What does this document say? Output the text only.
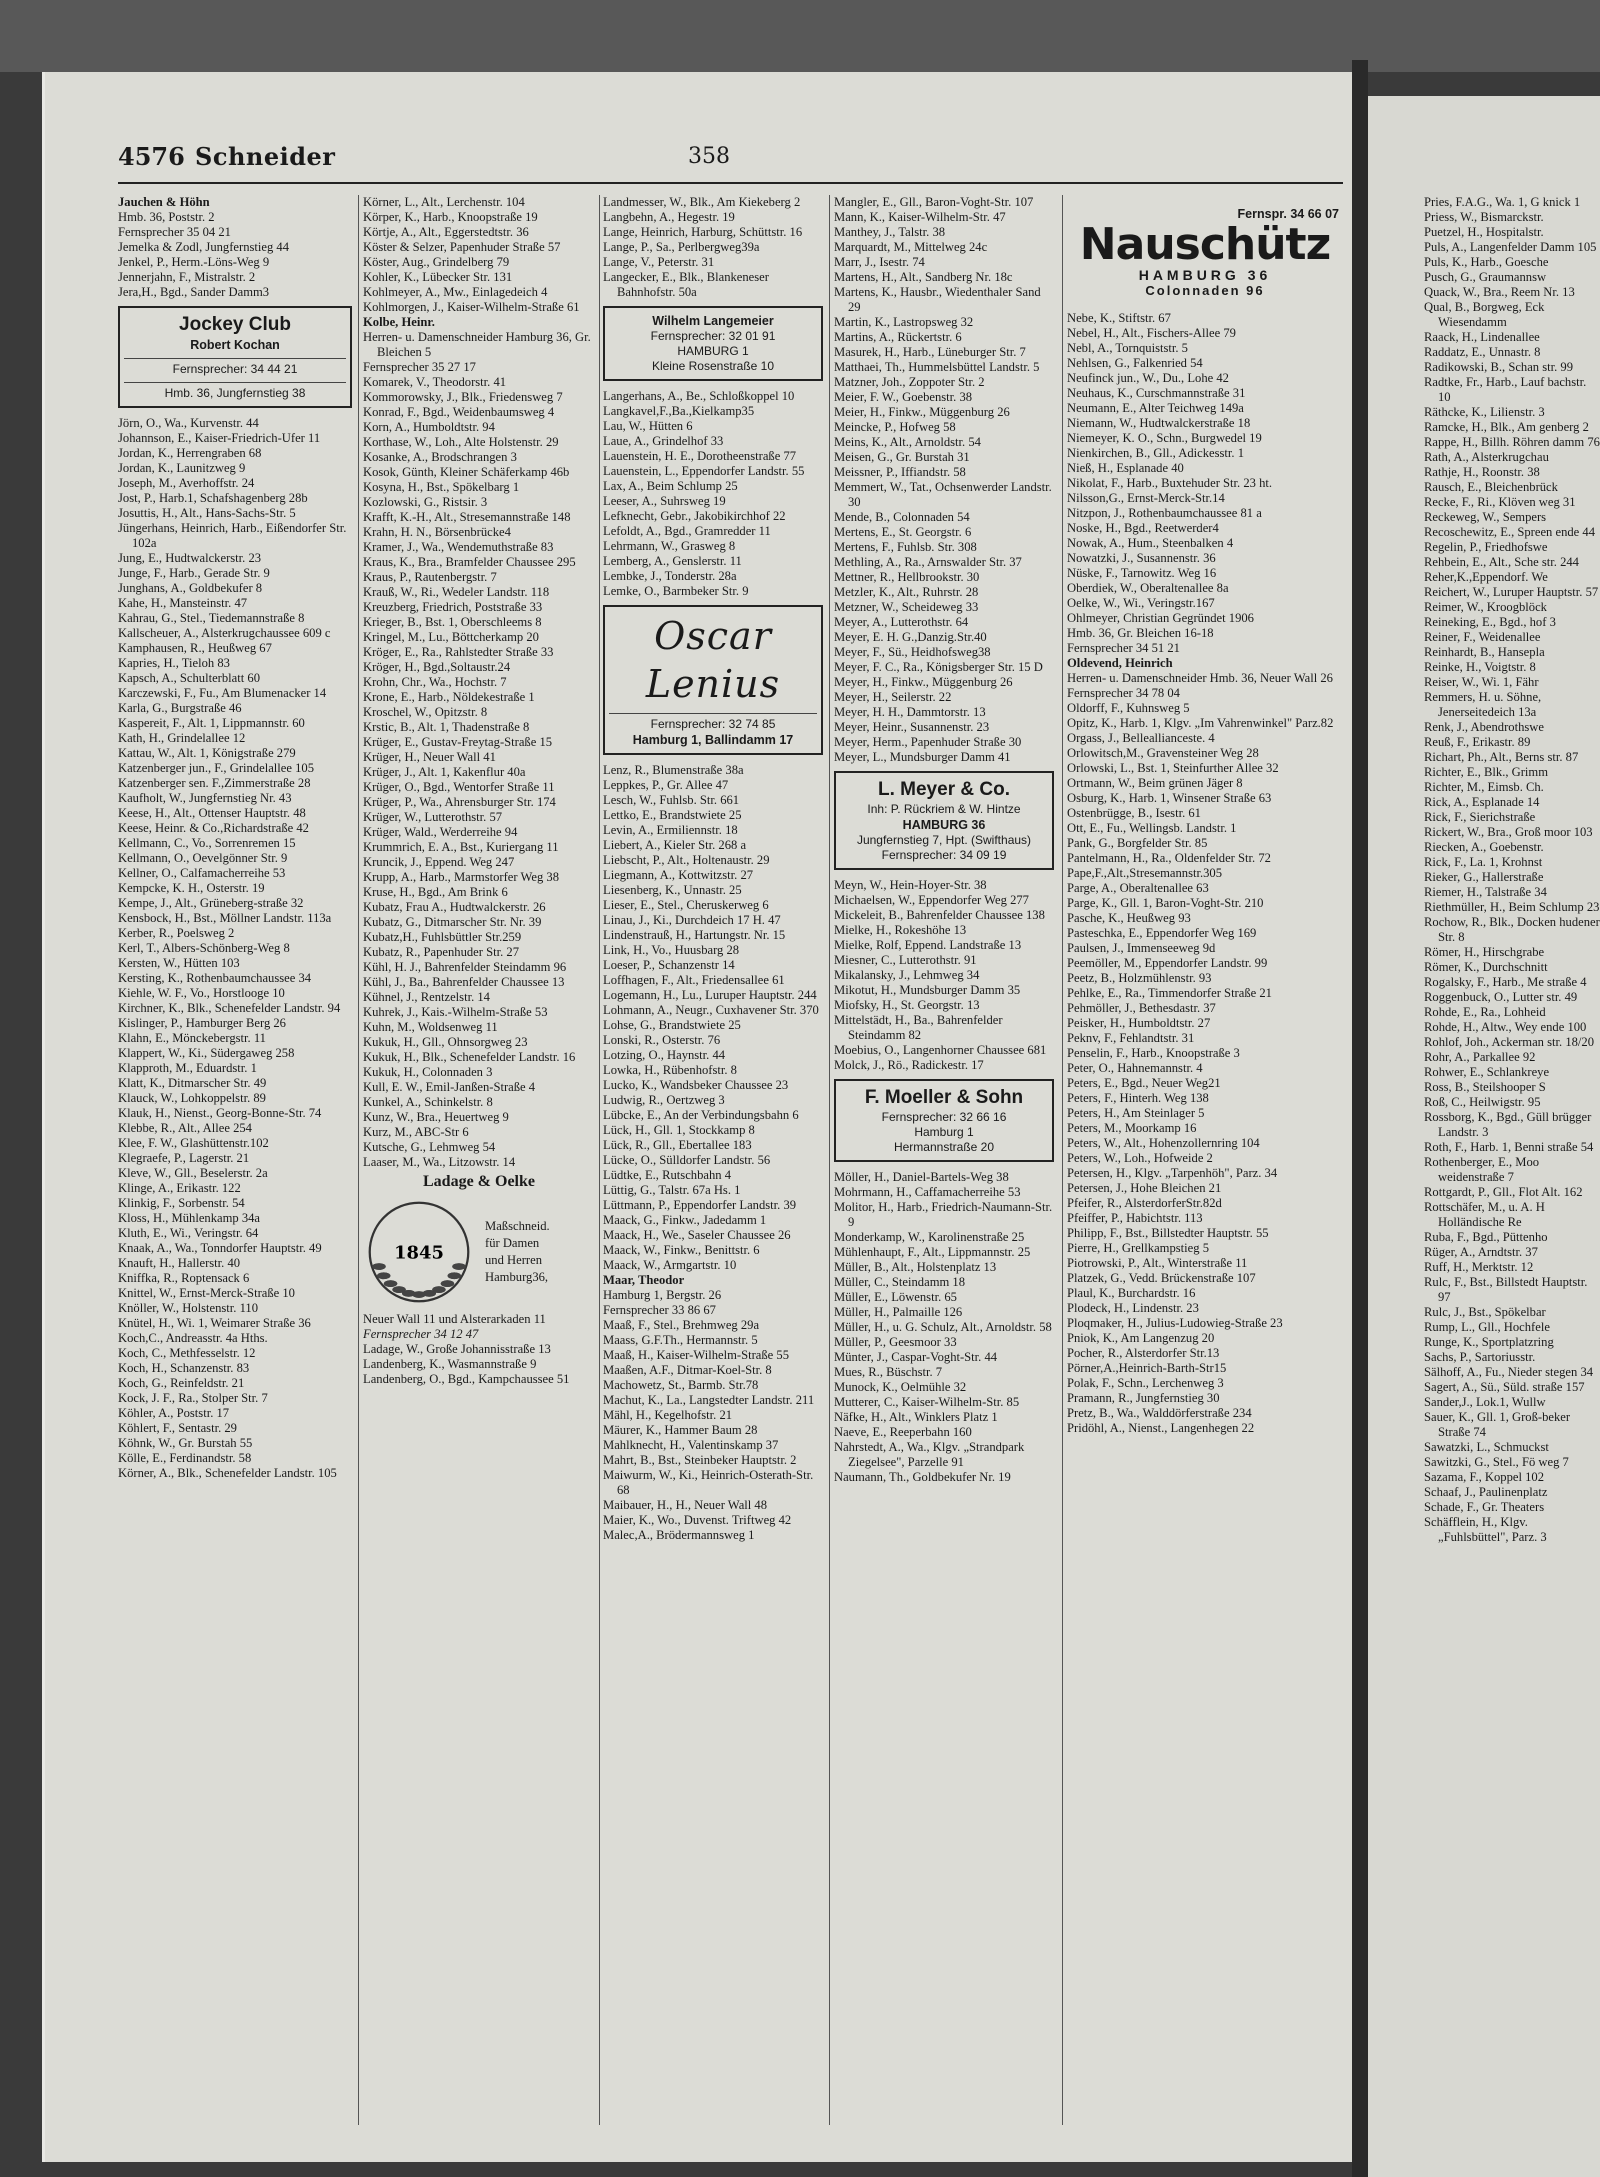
4576 Schneider	358
Jauchen & Höhn
Hmb. 36, Poststr. 2
Fernsprecher 35 04 21
Jemelka & Zodl, Jungfernstieg 44
Jenkel, P., Herm.-Löns-Weg 9
Jennerjahn, F., Mistralstr. 2
Jera,H., Bgd., Sander Damm3
Jockey Club
Robert Kochan
Fernsprecher: 34 44 21
Hmb. 36, Jungfernstieg 38
Jörn, O., Wa., Kurvenstr. 44
Johannson, E., Kaiser-Friedrich-Ufer 11
Jordan, K., Herrengraben 68
Jordan, K., Launitzweg 9
Joseph, M., Averhoffstr. 24
Jost, P., Harb.1, Schafshagenberg 28b
Josuttis, H., Alt., Hans-Sachs-Str. 5
Jüngerhans, Heinrich, Harb., Eißendorfer Str. 102a
Jung, E., Hudtwalckerstr. 23
Junge, F., Harb., Gerade Str. 9
Junghans, A., Goldbekufer 8
Kahe, H., Mansteinstr. 47
Kahrau, G., Stel., Tiedemannstraße 8
Kallscheuer, A., Alsterkrugchaussee 609 c
Kamphausen, R., Heußweg 67
Kapries, H., Tieloh 83
Kapsch, A., Schulterblatt 60
Karczewski, F., Fu., Am Blumenacker 14
Karla, G., Burgstraße 46
Kaspereit, F., Alt. 1, Lippmannstr. 60
Kath, H., Grindelallee 12
Kattau, W., Alt. 1, Königstraße 279
Katzenberger jun., F., Grindelallee 105
Katzenberger sen. F.,Zimmerstraße 28
Kaufholt, W., Jungfernstieg Nr. 43
Keese, H., Alt., Ottenser Hauptstr. 48
Keese, Heinr. & Co.,Richardstraße 42
Kellmann, C., Vo., Sorrenremen 15
Kellmann, O., Oevelgönner Str. 9
Kellner, O., Calfamacherreihe 53
Kempcke, K. H., Osterstr. 19
Kempe, J., Alt., Grüneberg-straße 32
Kensbock, H., Bst., Möllner Landstr. 113a
Kerber, R., Poelsweg 2
Kerl, T., Albers-Schönberg-Weg 8
Kersten, W., Hütten 103
Kersting, K., Rothenbaumchaussee 34
Kiehle, W. F., Vo., Horstlooge 10
Kirchner, K., Blk., Schenefelder Landstr. 94
Kislinger, P., Hamburger Berg 26
Klahn, E., Mönckebergstr. 11
Klappert, W., Ki., Südergaweg 258
Klapproth, M., Eduardstr. 1
Klatt, K., Ditmarscher Str. 49
Klauck, W., Lohkoppelstr. 89
Klauk, H., Nienst., Georg-Bonne-Str. 74
Klebbe, R., Alt., Allee 254
Klee, F. W., Glashüttenstr.102
Klegraefe, P., Lagerstr. 21
Kleve, W., Gll., Beselerstr. 2a
Klinge, A., Erikastr. 122
Klinkig, F., Sorbenstr. 54
Kloss, H., Mühlenkamp 34a
Kluth, E., Wi., Veringstr. 64
Knaak, A., Wa., Tonndorfer Hauptstr. 49
Knauft, H., Hallerstr. 40
Kniffka, R., Roptensack 6
Knittel, W., Ernst-Merck-Straße 10
Knöller, W., Holstenstr. 110
Knütel, H., Wi. 1, Weimarer Straße 36
Koch,C., Andreasstr. 4a Hths.
Koch, C., Methfesselstr. 12
Koch, H., Schanzenstr. 83
Koch, G., Reinfeldstr. 21
Kock, J. F., Ra., Stolper Str. 7
Köhler, A., Poststr. 17
Köhlert, F., Sentastr. 29
Köhnk, W., Gr. Burstah 55
Kölle, E., Ferdinandstr. 58
Körner, A., Blk., Schenefelder Landstr. 105
Körner, L., Alt., Lerchenstr. 104
Körper, K., Harb., Knoopstraße 19
Körtje, A., Alt., Eggerstedtstr. 36
Köster & Selzer, Papenhuder Straße 57
Köster, Aug., Grindelberg 79
Kohler, K., Lübecker Str. 131
Kohlmeyer, A., Mw., Einlagedeich 4
Kohlmorgen, J., Kaiser-Wilhelm-Straße 61
Kolbe, Heinr.
Herren- u. Damenschneider Hamburg 36, Gr. Bleichen 5
Fernsprecher 35 27 17
Komarek, V., Theodorstr. 41
Kommorowsky, J., Blk., Friedensweg 7
Konrad, F., Bgd., Weidenbaumsweg 4
Korn, A., Humboldtstr. 94
Korthase, W., Loh., Alte Holstenstr. 29
Kosanke, A., Brodschrangen 3
Kosok, Günth, Kleiner Schäferkamp 46b
Kosyna, H., Bst., Spökelbarg 1
Kozlowski, G., Ristsir. 3
Krafft, K.-H., Alt., Stresemannstraße 148
Krahn, H. N., Börsenbrücke4
Kramer, J., Wa., Wendemuthstraße 83
Kraus, K., Bra., Bramfelder Chaussee 295
Kraus, P., Rautenbergstr. 7
Krauß, W., Ri., Wedeler Landstr. 118
Kreuzberg, Friedrich, Poststraße 33
Krieger, B., Bst. 1, Oberschleems 8
Kringel, M., Lu., Böttcherkamp 20
Kröger, E., Ra., Rahlstedter Straße 33
Kröger, H., Bgd.,Soltaustr.24
Krohn, Chr., Wa., Hochstr. 7
Krone, E., Harb., Nöldekestraße 1
Kroschel, W., Opitzstr. 8
Krstic, B., Alt. 1, Thadenstraße 8
Krüger, E., Gustav-Freytag-Straße 15
Krüger, H., Neuer Wall 41
Krüger, J., Alt. 1, Kakenflur 40a
Krüger, O., Bgd., Wentorfer Straße 11
Krüger, P., Wa., Ahrensburger Str. 174
Krüger, W., Lutterothstr. 57
Krüger, Wald., Werderreihe 94
Krummrich, E. A., Bst., Kuriergang 11
Kruncik, J., Eppend. Weg 247
Krupp, A., Harb., Marmstorfer Weg 38
Kruse, H., Bgd., Am Brink 6
Kubatz, Frau A., Hudtwalckerstr. 26
Kubatz, G., Ditmarscher Str. Nr. 39
Kubatz,H., Fuhlsbüttler Str.259
Kubatz, R., Papenhuder Str. 27
Kühl, H. J., Bahrenfelder Steindamm 96
Kühl, J., Ba., Bahrenfelder Chaussee 13
Kühnel, J., Rentzelstr. 14
Kuhrek, J., Kais.-Wilhelm-Straße 53
Kuhn, M., Woldsenweg 11
Kukuk, H., Gll., Ohnsorgweg 23
Kukuk, H., Blk., Schenefelder Landstr. 16
Kukuk, H., Colonnaden 3
Kull, E. W., Emil-Janßen-Straße 4
Kunkel, A., Schinkelstr. 8
Kunz, W., Bra., Heuertweg 9
Kurz, M., ABC-Str 6
Kutsche, G., Lehmweg 54
Laaser, M., Wa., Litzowstr. 14
Ladage & Oelke
1845
Maßschneid.
für Damen
und Herren
Hamburg36,
Neuer Wall 11 und Alsterarkaden 11
Fernsprecher 34 12 47
Ladage, W., Große Johannisstraße 13
Landenberg, K., Wasmannstraße 9
Landenberg, O., Bgd., Kampchaussee 51
Landmesser, W., Blk., Am Kiekeberg 2
Langbehn, A., Hegestr. 19
Lange, Heinrich, Harburg, Schüttstr. 16
Lange, P., Sa., Perlbergweg39a
Lange, V., Peterstr. 31
Langecker, E., Blk., Blankeneser Bahnhofstr. 50a
Wilhelm Langemeier
Fernsprecher: 32 01 91
HAMBURG 1
Kleine Rosenstraße 10
Langerhans, A., Be., Schloßkoppel 10
Langkavel,F.,Ba.,Kielkamp35
Lau, W., Hütten 6
Laue, A., Grindelhof 33
Lauenstein, H. E., Dorotheenstraße 77
Lauenstein, L., Eppendorfer Landstr. 55
Lax, A., Beim Schlump 25
Leeser, A., Suhrsweg 19
Lefknecht, Gebr., Jakobikirchhof 22
Lefoldt, A., Bgd., Gramredder 11
Lehrmann, W., Grasweg 8
Lemberg, A., Genslerstr. 11
Lembke, J., Tonderstr. 28a
Lemke, O., Barmbeker Str. 9
Oscar Lenius
Fernsprecher: 32 74 85
Hamburg 1, Ballindamm 17
Lenz, R., Blumenstraße 38a
Leppkes, P., Gr. Allee 47
Lesch, W., Fuhlsb. Str. 661
Lettko, E., Brandstwiete 25
Levin, A., Ermiliennstr. 18
Liebert, A., Kieler Str. 268 a
Liebscht, P., Alt., Holtenaustr. 29
Liegmann, A., Kottwitzstr. 27
Liesenberg, K., Unnastr. 25
Lieser, E., Stel., Cheruskerweg 6
Linau, J., Ki., Durchdeich 17 H. 47
Lindenstrauß, H., Hartungstr. Nr. 15
Link, H., Vo., Huusbarg 28
Loeser, P., Schanzenstr 14
Loffhagen, F., Alt., Friedensallee 61
Logemann, H., Lu., Luruper Hauptstr. 244
Lohmann, A., Neugr., Cuxhavener Str. 370
Lohse, G., Brandstwiete 25
Lonski, R., Osterstr. 76
Lotzing, O., Haynstr. 44
Lowka, H., Rübenhofstr. 8
Lucko, K., Wandsbeker Chaussee 23
Ludwig, R., Oertzweg 3
Lübcke, E., An der Verbindungsbahn 6
Lück, H., Gll. 1, Stockkamp 8
Lück, R., Gll., Ebertallee 183
Lücke, O., Sülldorfer Landstr. 56
Lüdtke, E., Rutschbahn 4
Lüttig, G., Talstr. 67a Hs. 1
Lüttmann, P., Eppendorfer Landstr. 39
Maack, G., Finkw., Jadedamm 1
Maack, H., We., Saseler Chaussee 26
Maack, W., Finkw., Benittstr. 6
Maack, W., Armgartstr. 10
Maar, Theodor
Hamburg 1, Bergstr. 26
Fernsprecher 33 86 67
Maaß, F., Stel., Brehmweg 29a
Maass, G.F.Th., Hermannstr. 5
Maaß, H., Kaiser-Wilhelm-Straße 55
Maaßen, A.F., Ditmar-Koel-Str. 8
Machowetz, St., Barmb. Str.78
Machut, K., La., Langstedter Landstr. 211
Mähl, H., Kegelhofstr. 21
Mäurer, K., Hammer Baum 28
Mahlknecht, H., Valentinskamp 37
Mahrt, B., Bst., Steinbeker Hauptstr. 2
Maiwurm, W., Ki., Heinrich-Osterath-Str. 68
Maibauer, H., H., Neuer Wall 48
Maier, K., Wo., Duvenst. Triftweg 42
Malec,A., Brödermannsweg 1
Mangler, E., Gll., Baron-Voght-Str. 107
Mann, K., Kaiser-Wilhelm-Str. 47
Manthey, J., Talstr. 38
Marquardt, M., Mittelweg 24c
Marr, J., Isestr. 74
Martens, H., Alt., Sandberg Nr. 18c
Martens, K., Hausbr., Wiedenthaler Sand 29
Martin, K., Lastropsweg 32
Martins, A., Rückertstr. 6
Masurek, H., Harb., Lüneburger Str. 7
Matthaei, Th., Hummelsbüttel Landstr. 5
Matzner, Joh., Zoppoter Str. 2
Meier, F. W., Goebenstr. 38
Meier, H., Finkw., Müggenburg 26
Meincke, P., Hofweg 58
Meins, K., Alt., Arnoldstr. 54
Meisen, G., Gr. Burstah 31
Meissner, P., Iffiandstr. 58
Memmert, W., Tat., Ochsenwerder Landstr. 30
Mende, B., Colonnaden 54
Mertens, E., St. Georgstr. 6
Mertens, F., Fuhlsb. Str. 308
Methling, A., Ra., Arnswalder Str. 37
Mettner, R., Hellbrookstr. 30
Metzler, K., Alt., Ruhrstr. 28
Metzner, W., Scheideweg 33
Meyer, A., Lutterothstr. 64
Meyer, E. H. G.,Danzig.Str.40
Meyer, F., Sü., Heidhofsweg38
Meyer, F. C., Ra., Königsberger Str. 15 D
Meyer, H., Finkw., Müggenburg 26
Meyer, H., Seilerstr. 22
Meyer, H. H., Dammtorstr. 13
Meyer, Heinr., Susannenstr. 23
Meyer, Herm., Papenhuder Straße 30
Meyer, L., Mundsburger Damm 41
L. Meyer & Co.
Inh: P. Rückriem & W. Hintze
HAMBURG 36
Jungfernstieg 7, Hpt. (Swifthaus)
Fernsprecher: 34 09 19
Meyn, W., Hein-Hoyer-Str. 38
Michaelsen, W., Eppendorfer Weg 277
Mickeleit, B., Bahrenfelder Chaussee 138
Mielke, H., Rokeshöhe 13
Mielke, Rolf, Eppend. Landstraße 13
Miesner, C., Lutterothstr. 91
Mikalansky, J., Lehmweg 34
Mikotut, H., Mundsburger Damm 35
Miofsky, H., St. Georgstr. 13
Mittelstädt, H., Ba., Bahrenfelder Steindamm 82
Moebius, O., Langenhorner Chaussee 681
Molck, J., Rö., Radickestr. 17
F. Moeller & Sohn
Fernsprecher: 32 66 16
Hamburg 1
Hermannstraße 20
Möller, H., Daniel-Bartels-Weg 38
Mohrmann, H., Caffamacherreihe 53
Molitor, H., Harb., Friedrich-Naumann-Str. 9
Monderkamp, W., Karolinenstraße 25
Mühlenhaupt, F., Alt., Lippmannstr. 25
Müller, B., Alt., Holstenplatz 13
Müller, C., Steindamm 18
Müller, E., Löwenstr. 65
Müller, H., Palmaille 126
Müller, H., u. G. Schulz, Alt., Arnoldstr. 58
Müller, P., Geesmoor 33
Münter, J., Caspar-Voght-Str. 44
Mues, R., Büschstr. 7
Munock, K., Oelmühle 32
Mutterer, C., Kaiser-Wilhelm-Str. 85
Näfke, H., Alt., Winklers Platz 1
Naeve, E., Reeperbahn 160
Nahrstedt, A., Wa., Klgv. „Strandpark Ziegelsee", Parzelle 91
Naumann, Th., Goldbekufer Nr. 19
Fernspr. 34 66 07
Nauschütz
HAMBURG 36
Colonnaden 96
Nebe, K., Stiftstr. 67
Nebel, H., Alt., Fischers-Allee 79
Nebl, A., Tornquiststr. 5
Nehlsen, G., Falkenried 54
Neufinck jun., W., Du., Lohe 42
Neuhaus, K., Curschmannstraße 31
Neumann, E., Alter Teichweg 149a
Niemann, W., Hudtwalckerstraße 18
Niemeyer, K. O., Schn., Burgwedel 19
Nienkirchen, B., Gll., Adickesstr. 1
Nieß, H., Esplanade 40
Nikolat, F., Harb., Buxtehuder Str. 23 ht.
Nilsson,G., Ernst-Merck-Str.14
Nitzpon, J., Rothenbaumchaussee 81 a
Noske, H., Bgd., Reetwerder4
Nowak, A., Hum., Steenbalken 4
Nowatzki, J., Susannenstr. 36
Nüske, F., Tarnowitz. Weg 16
Oberdiek, W., Oberaltenallee 8a
Oelke, W., Wi., Veringstr.167
Ohlmeyer, Christian Gegründet 1906
Hmb. 36, Gr. Bleichen 16-18
Fernsprecher 34 51 21
Oldevend, Heinrich
Herren- u. Damenschneider Hmb. 36, Neuer Wall 26
Fernsprecher 34 78 04
Oldorff, F., Kuhnsweg 5
Opitz, K., Harb. 1, Klgv. „Im Vahrenwinkel" Parz.82
Orgass, J., Belleallianceste. 4
Orlowitsch,M., Gravensteiner Weg 28
Orlowski, L., Bst. 1, Steinfurther Allee 32
Ortmann, W., Beim grünen Jäger 8
Osburg, K., Harb. 1, Winsener Straße 63
Ostenbrügge, B., Isestr. 61
Ott, E., Fu., Wellingsb. Landstr. 1
Pank, G., Borgfelder Str. 85
Pantelmann, H., Ra., Oldenfelder Str. 72
Pape,F.,Alt.,Stresemannstr.305
Parge, A., Oberaltenallee 63
Parge, K., Gll. 1, Baron-Voght-Str. 210
Pasche, K., Heußweg 93
Pasteschka, E., Eppendorfer Weg 169
Paulsen, J., Immenseeweg 9d
Peemöller, M., Eppendorfer Landstr. 99
Peetz, B., Holzmühlenstr. 93
Pehlke, E., Ra., Timmendorfer Straße 21
Pehmöller, J., Bethesdastr. 37
Peisker, H., Humboldtstr. 27
Peknv, F., Fehlandtstr. 31
Penselin, F., Harb., Knoopstraße 3
Peter, O., Hahnemannstr. 4
Peters, E., Bgd., Neuer Weg21
Peters, F., Hinterh. Weg 138
Peters, H., Am Steinlager 5
Peters, M., Moorkamp 16
Peters, W., Alt., Hohenzollernring 104
Peters, W., Loh., Hofweide 2
Petersen, H., Klgv. „Tarpenhöh", Parz. 34
Petersen, J., Hohe Bleichen 21
Pfeifer, R., AlsterdorferStr.82d
Pfeiffer, P., Habichtstr. 113
Philipp, F., Bst., Billstedter Hauptstr. 55
Pierre, H., Grellkampstieg 5
Piotrowski, P., Alt., Winterstraße 11
Platzek, G., Vedd. Brückenstraße 107
Plaul, K., Burchardstr. 16
Plodeck, H., Lindenstr. 23
Ploqmaker, H., Julius-Ludowieg-Straße 23
Pniok, K., Am Langenzug 20
Pocher, R., Alsterdorfer Str.13
Pörner,A.,Heinrich-Barth-Str15
Polak, F., Schn., Lerchenweg 3
Pramann, R., Jungfernstieg 30
Pretz, B., Wa., Walddörferstraße 234
Pridöhl, A., Nienst., Langenhegen 22
Pries, F.A.G., Wa. 1, G knick 1
Priess, W., Bismarckstr.
Puetzel, H., Hospitalstr.
Puls, A., Langenfelder Damm 105
Puls, K., Harb., Goesche
Pusch, G., Graumannsw
Quack, W., Bra., Reem Nr. 13
Qual, B., Borgweg, Eck Wiesendamm
Raack, H., Lindenallee
Raddatz, E., Unnastr. 8
Radikowski, B., Schan str. 99
Radtke, Fr., Harb., Lauf bachstr. 10
Räthcke, K., Lilienstr. 3
Ramcke, H., Blk., Am genberg 2
Rappe, H., Billh. Röhren damm 76
Rath, A., Alsterkrugchau
Rathje, H., Roonstr. 38
Rausch, E., Bleichenbrück
Recke, F., Ri., Klöven weg 31
Reckeweg, W., Sempers
Recoschewitz, E., Spreen ende 44
Regelin, P., Friedhofswe
Rehbein, E., Alt., Sche str. 244
Reher,K.,Eppendorf. We
Reichert, W., Luruper Hauptstr. 57
Reimer, W., Kroogblöck
Reineking, E., Bgd., hof 3
Reiner, F., Weidenallee
Reinhardt, B., Hansepla
Reinke, H., Voigtstr. 8
Reiser, W., Wi. 1, Fähr
Remmers, H. u. Söhne, Jenerseitedeich 13a
Renk, J., Abendrothswe
Reuß, F., Erikastr. 89
Richart, Ph., Alt., Berns str. 87
Richter, E., Blk., Grimm
Richter, M., Eimsb. Ch.
Rick, A., Esplanade 14
Rick, F., Sierichstraße
Rickert, W., Bra., Groß moor 103
Riecken, A., Goebenstr.
Rick, F., La. 1, Krohnst
Rieker, G., Hallerstraße
Riemer, H., Talstraße 34
Riethmüller, H., Beim Schlump 23
Rochow, R., Blk., Docken hudener Str. 8
Römer, H., Hirschgrabe
Römer, K., Durchschnitt
Rogalsky, F., Harb., Me straße 4
Roggenbuck, O., Lutter str. 49
Rohde, E., Ra., Lohheid
Rohde, H., Altw., Wey ende 100
Rohlof, Joh., Ackerman str. 18/20
Rohr, A., Parkallee 92
Rohwer, E., Schlankreye
Ross, B., Steilshooper S
Roß, C., Heilwigstr. 95
Rossborg, K., Bgd., Güll brügger Landstr. 3
Roth, F., Harb. 1, Benni straße 54
Rothenberger, E., Moo weidenstraße 7
Rottgardt, P., Gll., Flot Alt. 162
Rottschäfer, M., u. A. H Holländische Re
Ruba, F., Bgd., Püttenho
Rüger, A., Arndtstr. 37
Ruff, H., Merktstr. 12
Rulc, F., Bst., Billstedt Hauptstr. 97
Rulc, J., Bst., Spökelbar
Rump, L., Gll., Hochfele
Runge, K., Sportplatzring
Sachs, P., Sartoriusstr.
Sälhoff, A., Fu., Nieder stegen 34
Sagert, A., Sü., Süld. straße 157
Sander,J., Lok.1, Wullw
Sauer, K., Gll. 1, Groß-beker Straße 74
Sawatzki, L., Schmuckst
Sawitzki, G., Stel., Fö weg 7
Sazama, F., Koppel 102
Schaaf, J., Paulinenplatz
Schade, F., Gr. Theaters
Schäfflein, H., Klgv. „Fuhlsbüttel", Parz. 3
